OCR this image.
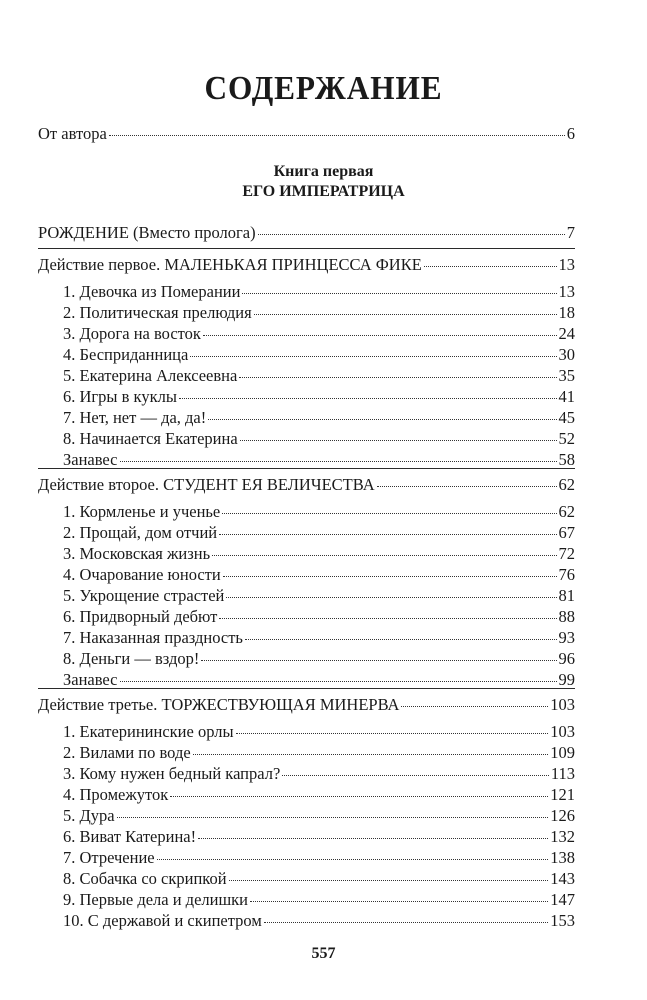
СОДЕРЖАНИЕ
От автора	6
Книга первая
ЕГО ИМПЕРАТРИЦА
РОЖДЕНИЕ (Вместо пролога)	7
Действие первое. МАЛЕНЬКАЯ ПРИНЦЕССА ФИКЕ	13
1. Девочка из Померании	13
2. Политическая прелюдия	18
3. Дорога на восток	24
4. Бесприданница	30
5. Екатерина Алексеевна	35
6. Игры в куклы	41
7. Нет, нет — да, да!	45
8. Начинается Екатерина	52
Занавес	58
Действие второе. СТУДЕНТ ЕЯ ВЕЛИЧЕСТВА	62
1. Кормленье и ученье	62
2. Прощай, дом отчий	67
3. Московская жизнь	72
4. Очарование юности	76
5. Укрощение страстей	81
6. Придворный дебют	88
7. Наказанная праздность	93
8. Деньги — вздор!	96
Занавес	99
Действие третье. ТОРЖЕСТВУЮЩАЯ МИНЕРВА	103
1. Екатерининские орлы	103
2. Вилами по воде	109
3. Кому нужен бедный капрал?	113
4. Промежуток	121
5. Дура	126
6. Виват Катерина!	132
7. Отречение	138
8. Собачка со скрипкой	143
9. Первые дела и делишки	147
10. С державой и скипетром	153
557
